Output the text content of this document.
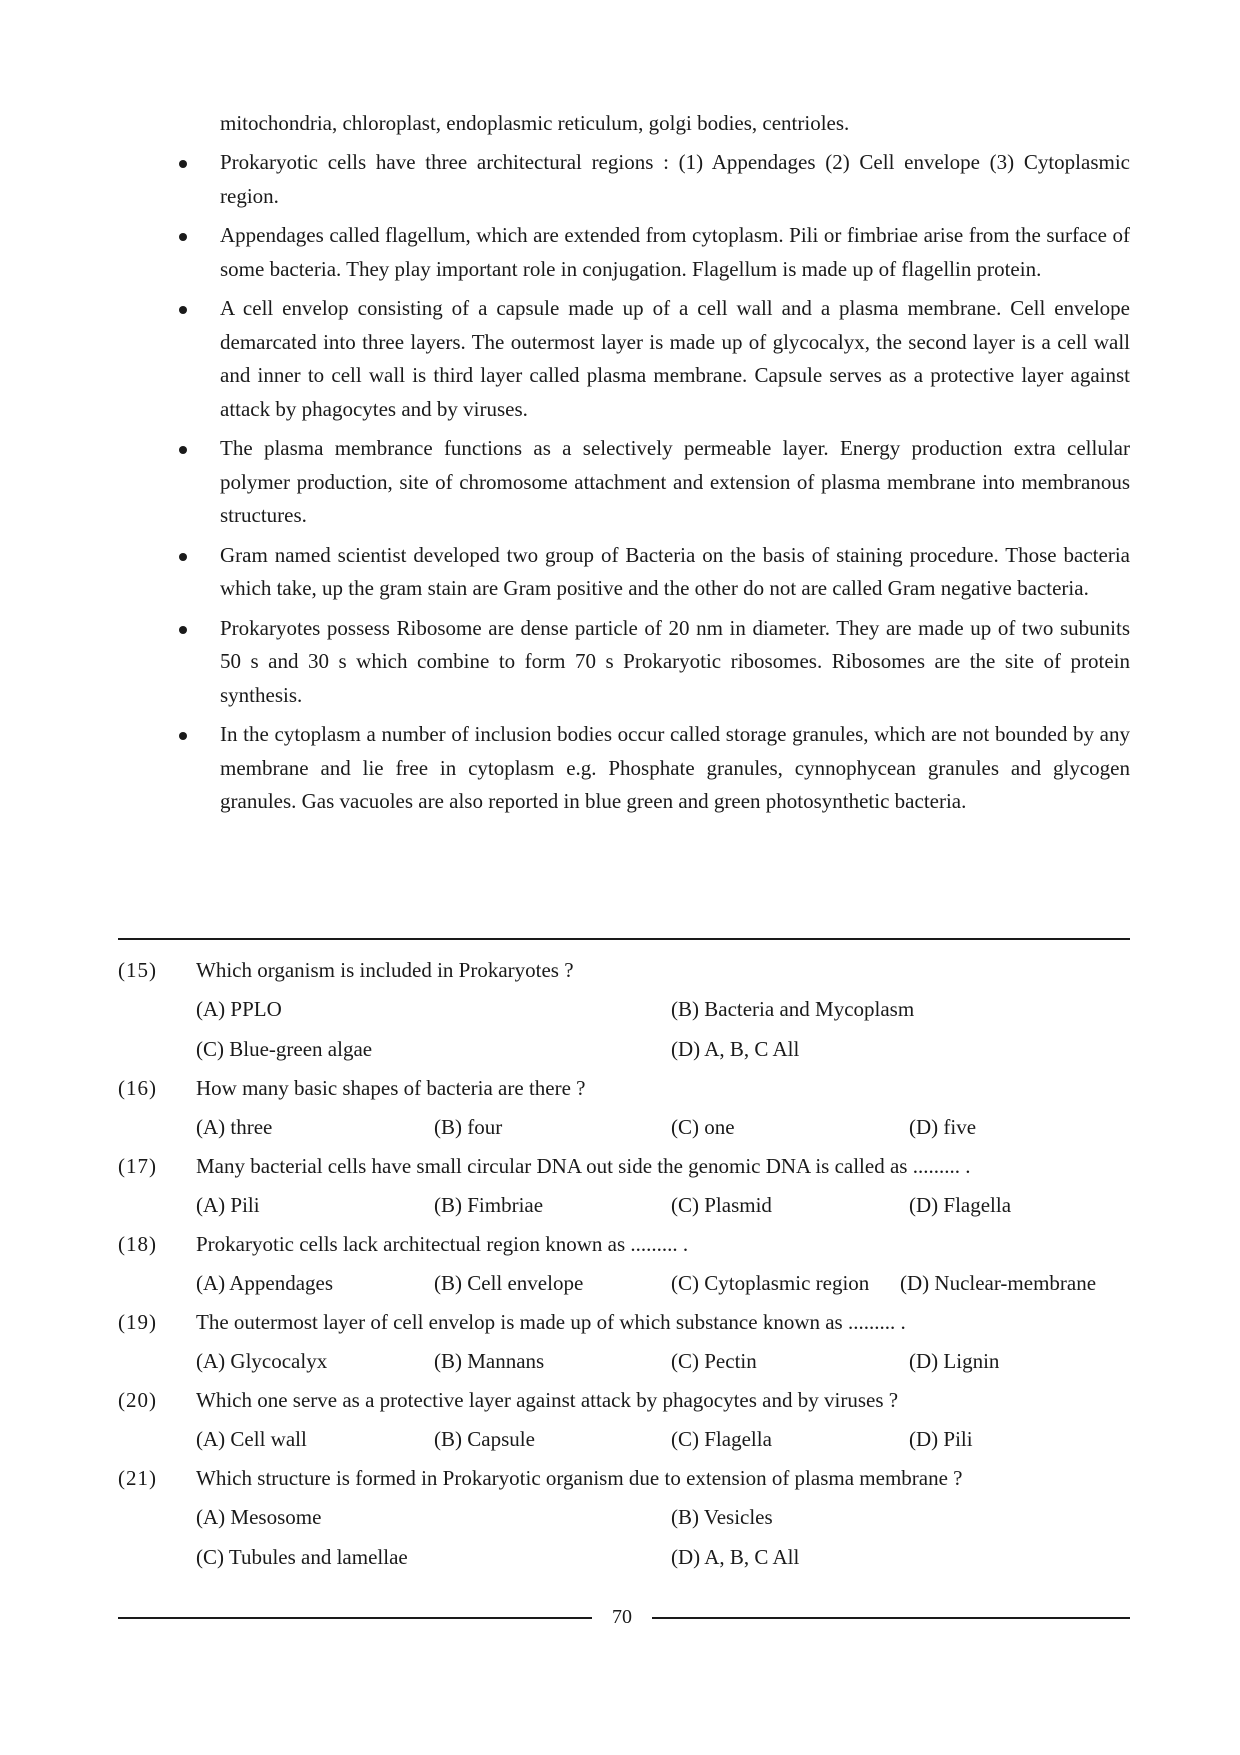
mitochondria, chloroplast, endoplasmic reticulum, golgi bodies, centrioles.
Prokaryotic cells have three architectural regions : (1) Appendages (2) Cell envelope (3) Cytoplasmic region.
Appendages called flagellum, which are extended from cytoplasm. Pili or fimbriae arise from the surface of some bacteria. They play important role in conjugation. Flagellum is made up of flagellin protein.
A cell envelop consisting of a capsule made up of a cell wall and a plasma membrane. Cell envelope demarcated into three layers. The outermost layer is made up of glycocalyx, the second layer is a cell wall and inner to cell wall is third layer called plasma membrane. Capsule serves as a protective layer against attack by phagocytes and by viruses.
The plasma membrance functions as a selectively permeable layer. Energy production extra cellular polymer production, site of chromosome attachment and extension of plasma membrane into membranous structures.
Gram named scientist developed two group of Bacteria on the basis of staining procedure. Those bacteria which take, up the gram stain are Gram positive and the other do not are called Gram negative bacteria.
Prokaryotes possess Ribosome are dense particle of 20 nm in diameter. They are made up of two subunits 50 s and 30 s which combine to form 70 s Prokaryotic ribosomes. Ribosomes are the site of protein synthesis.
In the cytoplasm a number of inclusion bodies occur called storage granules, which are not bounded by any membrane and lie free in cytoplasm e.g. Phosphate granules, cynnophycean granules and glycogen granules. Gas vacuoles are also reported in blue green and green photosynthetic bacteria.
(15) Which organism is included in Prokaryotes ?
(A) PPLO	(B) Bacteria and Mycoplasm
(C) Blue-green algae	(D) A, B, C All
(16) How many basic shapes of bacteria are there ?
(A) three	(B) four	(C) one	(D) five
(17) Many bacterial cells have small circular DNA out side the genomic DNA is called as ......... .
(A) Pili	(B) Fimbriae	(C) Plasmid	(D) Flagella
(18) Prokaryotic cells lack architectual region known as ......... .
(A) Appendages	(B) Cell envelope	(C) Cytoplasmic region (D) Nuclear-membrane
(19) The outermost layer of cell envelop is made up of which substance known as ......... .
(A) Glycocalyx	(B) Mannans	(C) Pectin	(D) Lignin
(20) Which one serve as a protective layer against attack by phagocytes and by viruses ?
(A) Cell wall	(B) Capsule	(C) Flagella	(D) Pili
(21) Which structure is formed in Prokaryotic organism due to extension of plasma membrane ?
(A) Mesosome	(B) Vesicles
(C) Tubules and lamellae	(D) A, B, C All
70
